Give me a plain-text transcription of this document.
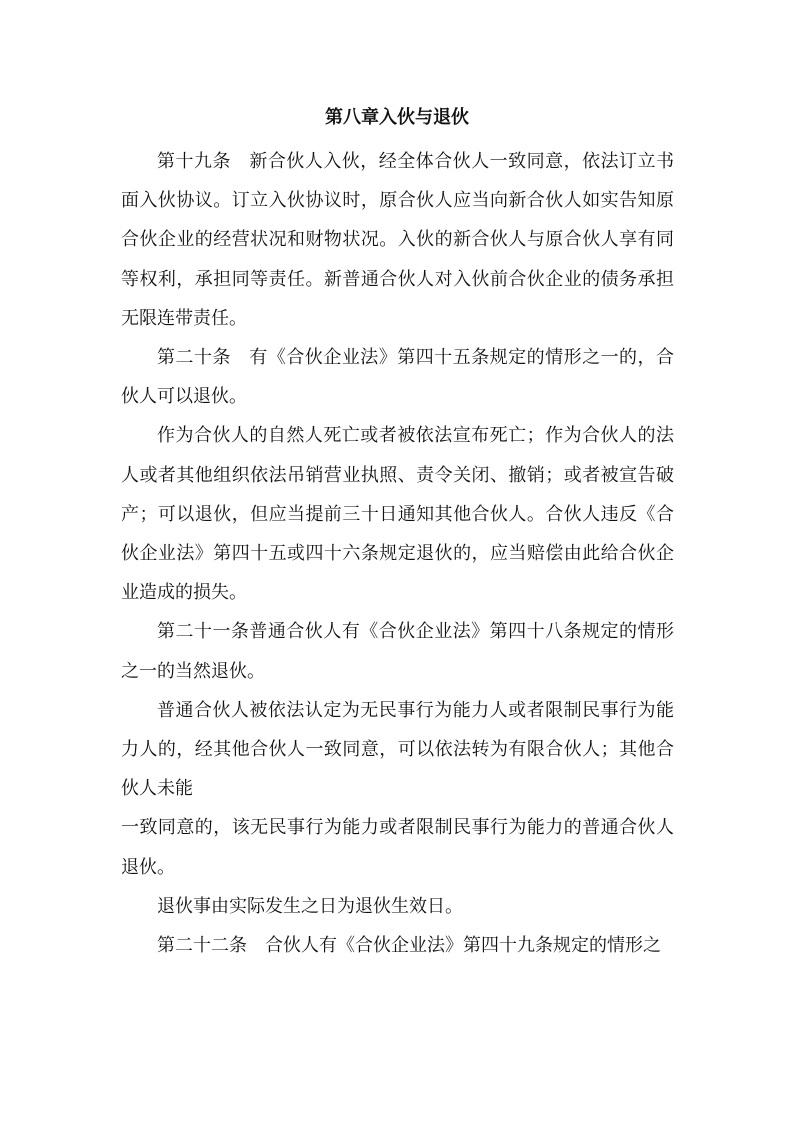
第八章入伙与退伙

第十九条 新合伙人入伙，经全体合伙人一致同意，依法订立书面入伙协议。订立入伙协议时，原合伙人应当向新合伙人如实告知原合伙企业的经营状况和财物状况。入伙的新合伙人与原合伙人享有同等权利，承担同等责任。新普通合伙人对入伙前合伙企业的债务承担无限连带责任。

第二十条 有《合伙企业法》第四十五条规定的情形之一的，合伙人可以退伙。

作为合伙人的自然人死亡或者被依法宣布死亡；作为合伙人的法人或者其他组织依法吊销营业执照、责令关闭、撤销；或者被宣告破产；可以退伙，但应当提前三十日通知其他合伙人。合伙人违反《合伙企业法》第四十五或四十六条规定退伙的，应当赔偿由此给合伙企业造成的损失。

第二十一条普通合伙人有《合伙企业法》第四十八条规定的情形之一的当然退伙。

普通合伙人被依法认定为无民事行为能力人或者限制民事行为能力人的，经其他合伙人一致同意，可以依法转为有限合伙人；其他合伙人未能

一致同意的，该无民事行为能力或者限制民事行为能力的普通合伙人退伙。

退伙事由实际发生之日为退伙生效日。

第二十二条 合伙人有《合伙企业法》第四十九条规定的情形之
